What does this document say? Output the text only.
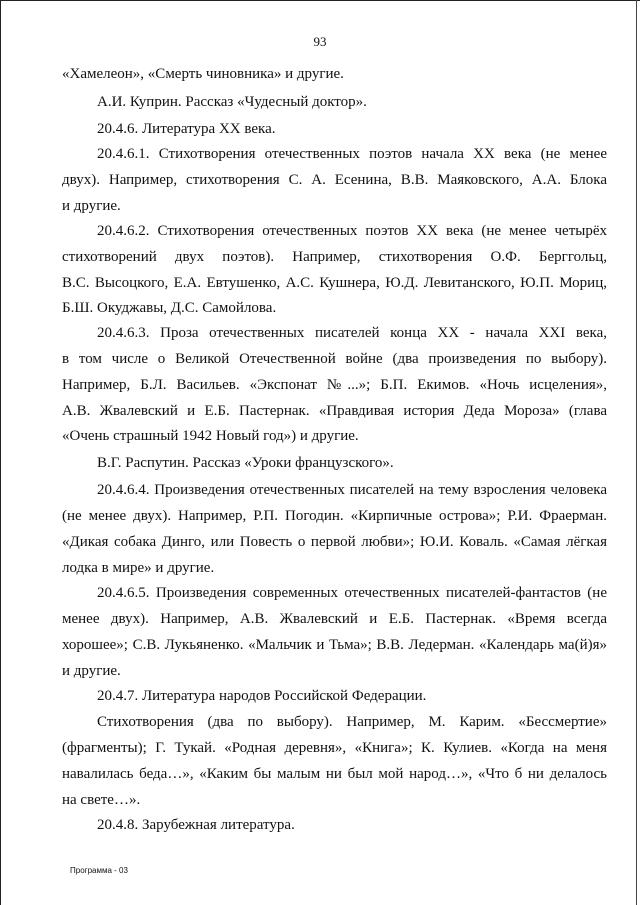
93
«Хамелеон», «Смерть чиновника» и другие.
А.И. Куприн. Рассказ «Чудесный доктор».
20.4.6. Литература XX века.
20.4.6.1. Стихотворения отечественных поэтов начала XX века (не менее
двух). Например, стихотворения С. А. Есенина, В.В. Маяковского, А.А. Блока
и другие.
20.4.6.2. Стихотворения отечественных поэтов XX века (не менее четырёх
стихотворений двух поэтов). Например, стихотворения О.Ф. Берггольц,
В.С. Высоцкого, Е.А. Евтушенко, А.С. Кушнера, Ю.Д. Левитанского, Ю.П. Мориц,
Б.Ш. Окуджавы, Д.С. Самойлова.
20.4.6.3. Проза отечественных писателей конца XX - начала XXI века,
в том числе о Великой Отечественной войне (два произведения по выбору).
Например, Б.Л. Васильев. «Экспонат №...»; Б.П. Екимов. «Ночь исцеления»,
А.В. Жвалевский и Е.Б. Пастернак. «Правдивая история Деда Мороза» (глава
«Очень страшный 1942 Новый год») и другие.
В.Г. Распутин. Рассказ «Уроки французского».
20.4.6.4. Произведения отечественных писателей на тему взросления человека
(не менее двух). Например, Р.П. Погодин. «Кирпичные острова»; Р.И. Фраерман.
«Дикая собака Динго, или Повесть о первой любви»; Ю.И. Коваль. «Самая лёгкая
лодка в мире» и другие.
20.4.6.5. Произведения современных отечественных писателей-фантастов (не
менее двух). Например, А.В. Жвалевский и Е.Б. Пастернак. «Время всегда
хорошее»; С.В. Лукьяненко. «Мальчик и Тьма»; В.В. Ледерман. «Календарь ма(й)я»
и другие.
20.4.7. Литература народов Российской Федерации.
Стихотворения (два по выбору). Например, М. Карим. «Бессмертие»
(фрагменты); Г. Тукай. «Родная деревня», «Книга»; К. Кулиев. «Когда на меня
навалилась беда…», «Каким бы малым ни был мой народ…», «Что б ни делалось
на свете…».
20.4.8. Зарубежная литература.
Программа - 03
